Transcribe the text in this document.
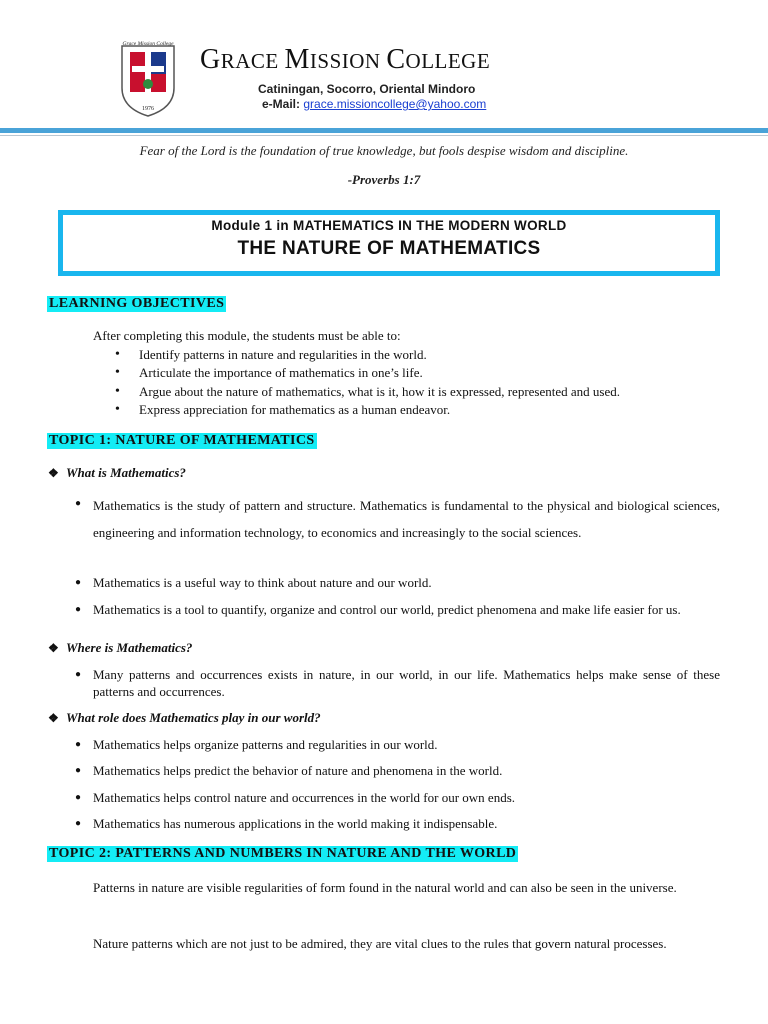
Grace Mission College
1976
GRACE MISSION COLLEGE
Catiningan, Socorro, Oriental Mindoro
e-Mail: grace.missioncollege@yahoo.com
Fear of the Lord is the foundation of true knowledge, but fools despise wisdom and discipline.
-Proverbs 1:7
Module 1 in MATHEMATICS IN THE MODERN WORLD
THE NATURE OF MATHEMATICS
LEARNING OBJECTIVES
After completing this module, the students must be able to:
• Identify patterns in nature and regularities in the world.
• Articulate the importance of mathematics in one’s life.
• Argue about the nature of mathematics, what is it, how it is expressed, represented and used.
• Express appreciation for mathematics as a human endeavor.
TOPIC 1: NATURE OF MATHEMATICS
❖ What is Mathematics?
● Mathematics is the study of pattern and structure. Mathematics is fundamental to the physical and biological sciences, engineering and information technology, to economics and increasingly to the social sciences.
● Mathematics is a useful way to think about nature and our world.
● Mathematics is a tool to quantify, organize and control our world, predict phenomena and make life easier for us.
❖ Where is Mathematics?
● Many patterns and occurrences exists in nature, in our world, in our life. Mathematics helps make sense of these patterns and occurrences.
❖ What role does Mathematics play in our world?
● Mathematics helps organize patterns and regularities in our world.
● Mathematics helps predict the behavior of nature and phenomena in the world.
● Mathematics helps control nature and occurrences in the world for our own ends.
● Mathematics has numerous applications in the world making it indispensable.
TOPIC 2: PATTERNS AND NUMBERS IN NATURE AND THE WORLD
Patterns in nature are visible regularities of form found in the natural world and can also be seen in the universe.
Nature patterns which are not just to be admired, they are vital clues to the rules that govern natural processes.
